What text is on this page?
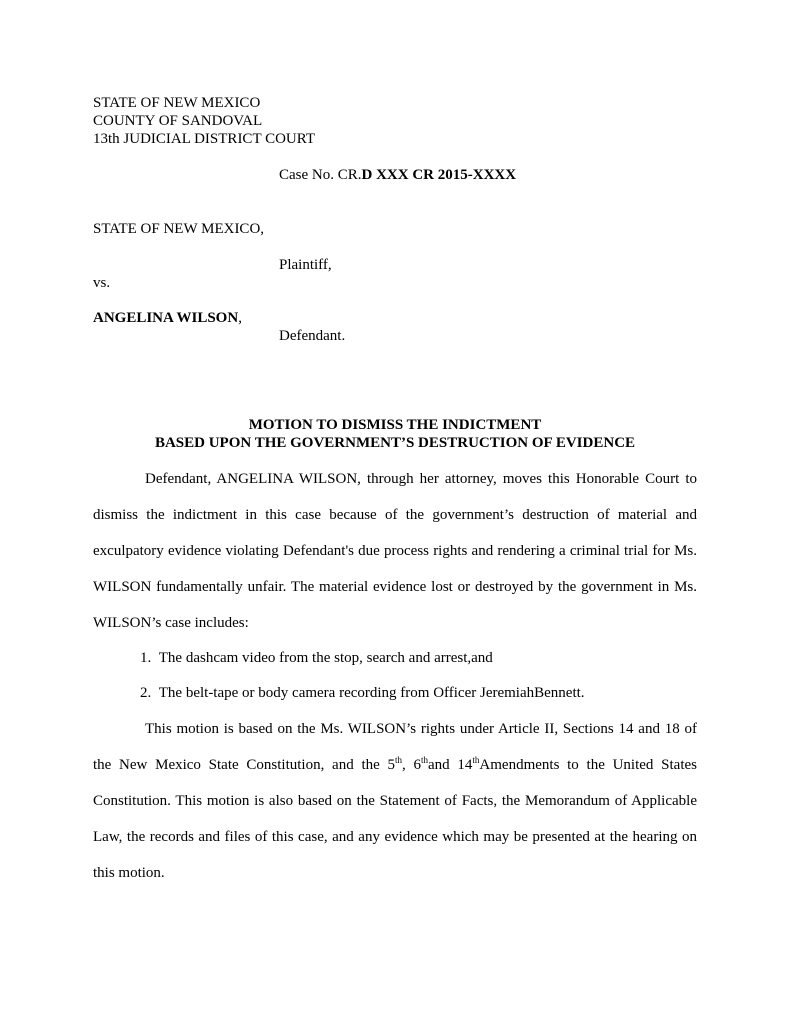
STATE OF NEW MEXICO
COUNTY OF SANDOVAL
13th JUDICIAL DISTRICT COURT
Case No. CR.D XXX CR 2015-XXXX
STATE OF NEW MEXICO,
Plaintiff,
vs.
ANGELINA WILSON,
Defendant.
MOTION TO DISMISS THE INDICTMENT
BASED UPON THE GOVERNMENT’S DESTRUCTION OF EVIDENCE
Defendant, ANGELINA WILSON, through her attorney, moves this Honorable Court to dismiss the indictment in this case because of the government’s destruction of material and exculpatory evidence violating Defendant's due process rights and rendering a criminal trial for Ms. WILSON fundamentally unfair. The material evidence lost or destroyed by the government in Ms. WILSON’s case includes:
1. The dashcam video from the stop, search and arrest,and
2. The belt-tape or body camera recording from Officer JeremiahBennett.
This motion is based on the Ms. WILSON’s rights under Article II, Sections 14 and 18 of the New Mexico State Constitution, and the 5th, 6thand 14thAmendments to the United States Constitution. This motion is also based on the Statement of Facts, the Memorandum of Applicable Law, the records and files of this case, and any evidence which may be presented at the hearing on this motion.
